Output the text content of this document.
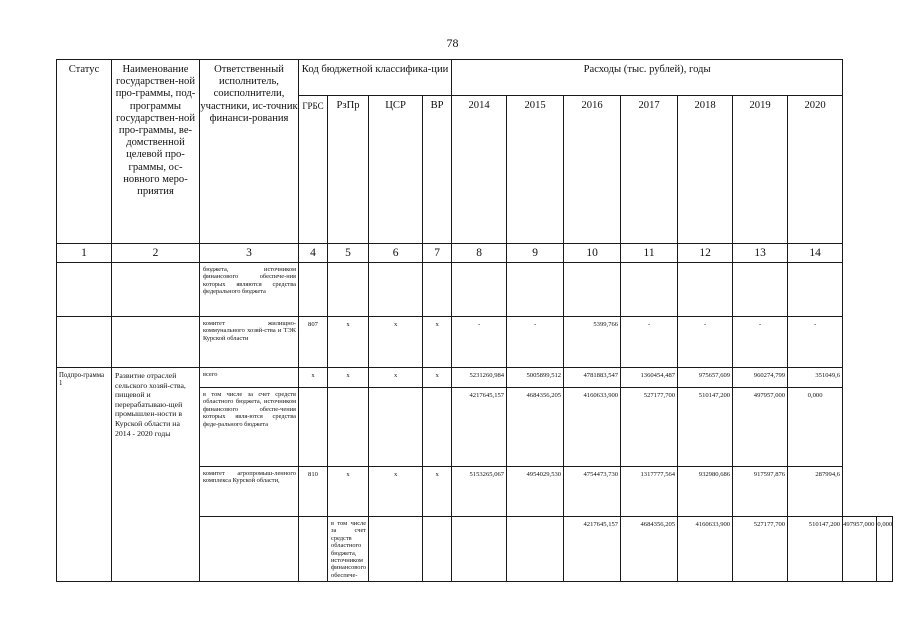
78
Статус	Наименование государствен-ной про-граммы, под-программы государствен-ной про-граммы, ве-домственной целевой про-граммы, ос-новного меро-приятия	Ответственный исполнитель, соисполнители, участники, ис-точник финанси-рования	Код бюджетной классифика-ции				Расходы (тыс. рублей), годы								
			ГРБС	РзПр	ЦСР	ВР	2014	2015	2016	2017	2018	2019	2020		
1	2	3	4	5	6	7	8	9	10	11	12	13	14		
		бюджета, источником финансового обеспече-ния которых являются средства федерального бюджета													
		комитет жилищно-коммунального хозяй-ства и ТЭК Курской области	807	x	x	x	-	-	5399,766	-	-	-	-		
Подпро-грамма 1	Развитие отраслей сельского хозяй-ства, пищевой и перерабатываю-щей промышлен-ности в Курской области на 2014 - 2020 годы	всего	x	x	x	x	5231260,984	5005899,512	4781883,547	1360454,487	975657,609	960274,799	351049,6		
		в том числе за счет средств областного бюджета, источником финансового обеспе-чения которых явля-ются средства феде-рального бюджета					4217645,157	4684356,205	4160633,900	527177,700	510147,200	497957,000	0,000		
		комитет агропромыш-ленного комплекса Курской области,	810	x	x	x	5153265,067	4954029,530	4754473,730	1317777,564	932980,686	917597,876	287994,6		
				в том числе за счет средств областного бюджета, источником финансового обеспече-					4217645,157	4684356,205	4160633,900	527177,700	510147,200	497957,000	0,000
